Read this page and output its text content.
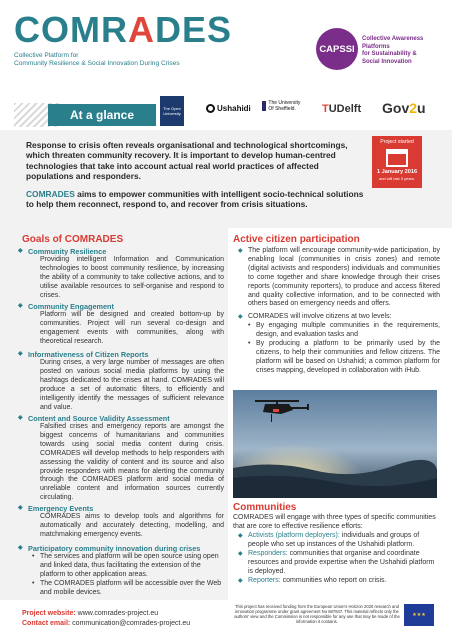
COMRADES
Collective Platform for
Community Resilience & Social Innovation During Crises
CAPSSI
Collective Awareness Platforms
for Sustainability &
Social Innovation
At a glance	The Open University
Ushahidi
The University Of Sheffield.	T UDelft Gov 2 u

Response to crisis often reveals organisational and technological shortcomings, which threaten community recovery. It is important to develop human-centred technologies that take into account actual real world practices of affected populations and responders.

COMRADES aims to empower communities with intelligent socio-technical solutions to help them reconnect, respond to, and recover from crisis situations.

Project started
1 January 2016
and will last 3 years.
Goals of COMRADES
◆ Community Resilience
Providing intelligent Information and Communication technologies to boost community resilience, by increasing the ability of a community to take collective actions, and to utilise available resources to self-organise and respond to crises.
◆ Community Engagement
Platform will be designed and created bottom-up by communities. Project will run several co-design and engagement events with communities, along with theoretical research.
◆ Informativeness of Citizen Reports
During crises, a very large number of messages are often posted on various social media platforms by using the hashtags dedicated to the crises at hand. COMRADES will produce a set of automatic filters, to efficiently and intelligently identify the messages of sufficient relevance and value.
◆ Content and Source Validity Assessment
Falsified crises and emergency reports are amongst the biggest concerns of humanitarians and communities towards using social media content during crisis. COMRADES will develop methods to help responders with assessing the validity of content and its source and also provide responders with means for alerting the community through the COMRADES platform and social media of unreliable content and information sources currently circulating.
◆ Emergency Events
COMRADES aims to develop tools and algorithms for automatically and accurately detecting, modelling, and matchmaking emergency events.
◆ Participatory community innovation during crises
• The services and platform will be open source using open and linked data, thus facilitating the extension of the platform to other application areas.
• The COMRADES platform will be accessible over the Web and mobile devices.
Active citizen participation
◆ The platform will encourage community-wide participation, by enabling local (communities in crisis zones) and remote (digital activists and responders) individuals and communities to come together and share knowledge through their crises reports (community reporters), to produce and access filtered and quality collective information, and to be connected with others based on emergency needs and offers.
◆ COMRADES will involve citizens at two levels:
• By engaging multiple communities in the requirements, design, and evaluation tasks and
• By producing a platform to be primarily used by the citizens, to help their communities and fellow citizens. The platform will be based on Ushahidi; a common platform for crises mapping, developed in collaboration with iHub.
Communities
COMRADES will engage with three types of specific communities that are core to effective resilience efforts:
◆ Activists (platform deployers): individuals and groups of people who set up instances of the Ushahidi platform.
◆ Responders: communities that organise and coordinate resources and provide expertise when the Ushahidi platform is deployed.
◆ Reporters: communities who report on crisis.
Project website: www.comrades-project.eu
Contact email: communication@comrades-project.eu
This project has received funding from the European Union's Horizon 2020 research and innovation programme under grant agreement No 687847. This material reflects only the authors' view and the Commission is not responsible for any use that may be made of the information it contains.
★★★
